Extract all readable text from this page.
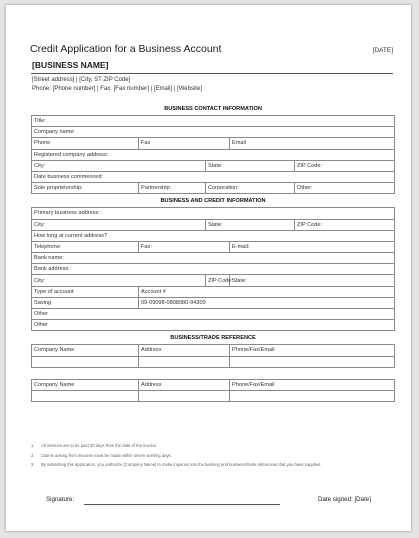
Credit Application for a Business Account	[DATE]
[BUSINESS NAME]
[Street address] | [City, ST ZIP Code]
Phone: [Phone number] | Fax: [Fax number] | [Email] | [Website]
BUSINESS CONTACT INFORMATION				
Title:				
Company name:				
Phone	Fax		Email	
Registered company address:				
City:		State:		ZIP Code:
Date business commenced:				
Sole proprietorship:	Partnership:	Corporation:		Other:
BUSINESS AND CREDIT INFORMATION				
Primary business address:				
City:		State:		ZIP Code:
How long at current address?				
Telephone:	Fax:		E-mail:	
Bank name:				
Bank address:				
City:		ZIP Code:	State:	
Type of account	Account #			
Saving	09-09098-0808080-94309			
Other				
Other				
BUSINESS/TRADE REFERENCE				
Company Name	Address		Phone/Fax/Email	

Company Name	Address		Phone/Fax/Email	

1.	All invoices are to be paid 30 days from the date of the invoice.
2.	Claims arising from invoices must be made within seven working days.
3.	By submitting this application, you authorize [Company Name] to make inquiries into the banking and business/trade references that you have supplied.
Signature:	Date signed: [Date]
